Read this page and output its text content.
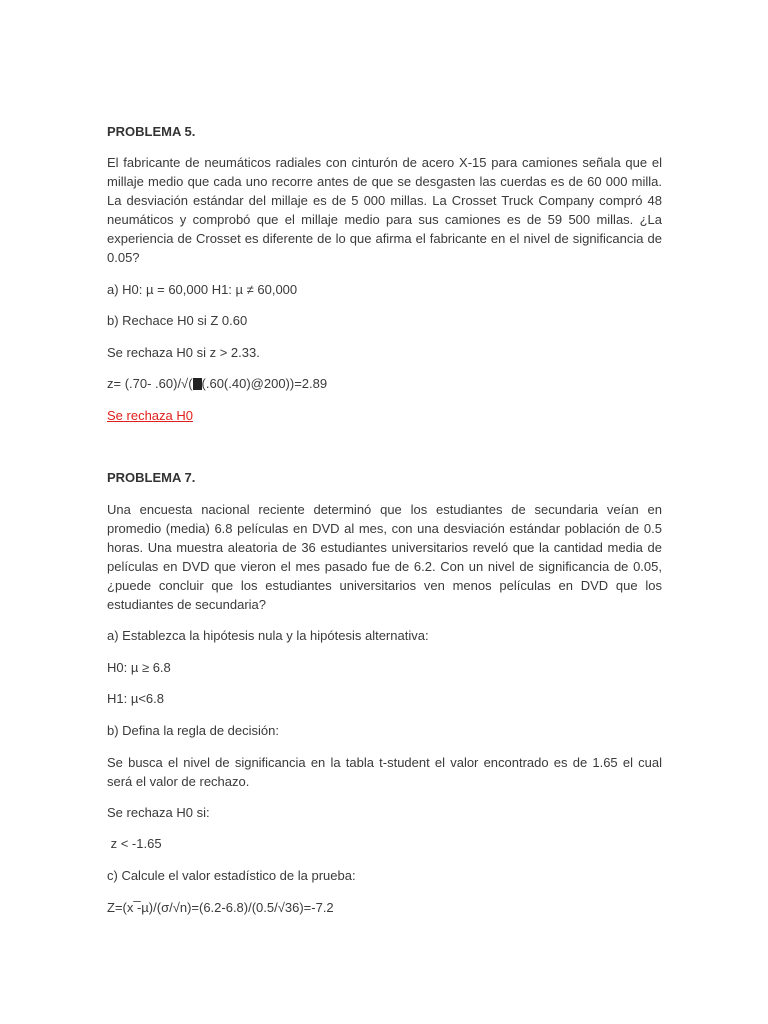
PROBLEMA 5.
El fabricante de neumáticos radiales con cinturón de acero X-15 para camiones señala que el millaje medio que cada uno recorre antes de que se desgasten las cuerdas es de 60 000 milla. La desviación estándar del millaje es de 5 000 millas. La Crosset Truck Company compró 48 neumáticos y comprobó que el millaje medio para sus camiones es de 59 500 millas. ¿La experiencia de Crosset es diferente de lo que afirma el fabricante en el nivel de significancia de 0.05?
a) H0: µ = 60,000 H1: µ ≠ 60,000
b) Rechace H0 si Z 0.60
Se rechaza H0 si z > 2.33.
z= (.70- .60)/√( (.60(.40)@200))=2.89
Se rechaza H0
PROBLEMA 7.
Una encuesta nacional reciente determinó que los estudiantes de secundaria veían en promedio (media) 6.8 películas en DVD al mes, con una desviación estándar población de 0.5 horas. Una muestra aleatoria de 36 estudiantes universitarios reveló que la cantidad media de películas en DVD que vieron el mes pasado fue de 6.2. Con un nivel de significancia de 0.05, ¿puede concluir que los estudiantes universitarios ven menos películas en DVD que los estudiantes de secundaria?
a) Establezca la hipótesis nula y la hipótesis alternativa:
H0: µ ≥ 6.8
H1: µ<6.8
b) Defina la regla de decisión:
Se busca el nivel de significancia en la tabla t-student el valor encontrado es de 1.65 el cual será el valor de rechazo.
Se rechaza H0 si:
z < -1.65
c) Calcule el valor estadístico de la prueba:
Z=(x ̅-µ)/(σ/√n)=(6.2-6.8)/(0.5/√36)=-7.2
